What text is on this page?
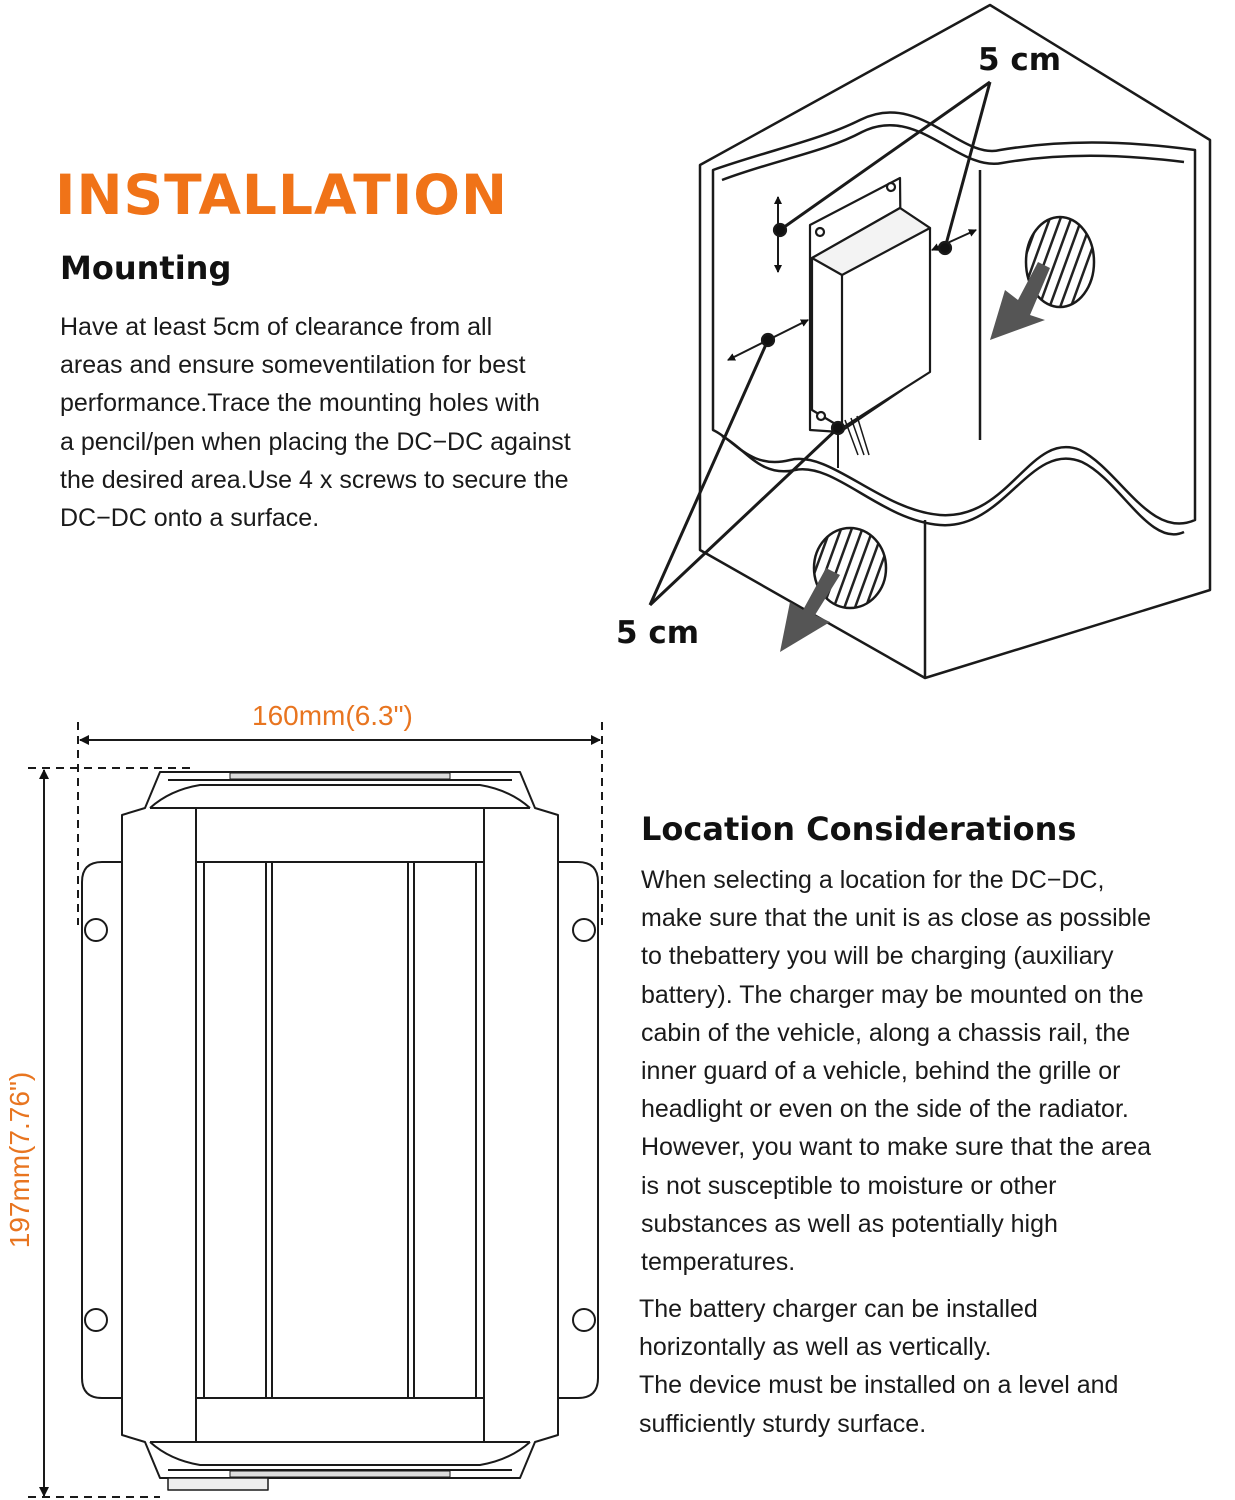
INSTALLATION
Mounting
Have at least 5cm of clearance from all
areas and ensure someventilation for best
performance.Trace the mounting holes with
a pencil/pen when placing the DC−DC against
the desired area.Use 4 x screws to secure the
DC−DC onto a surface.
5 cm
5 cm
160mm(6.3")
197mm(7.76")
Location Considerations
When selecting a location for the DC−DC,
make sure that the unit is as close as possible
to thebattery you will be charging (auxiliary
battery). The charger may be mounted on the
cabin of the vehicle, along a chassis rail, the
inner guard of a vehicle, behind the grille or
headlight or even on the side of the radiator.
However, you want to make sure that the area
is not susceptible to moisture or other
substances as well as potentially high
temperatures.
The battery charger can be installed
horizontally as well as vertically.
The device must be installed on a level and
sufficiently sturdy surface.
